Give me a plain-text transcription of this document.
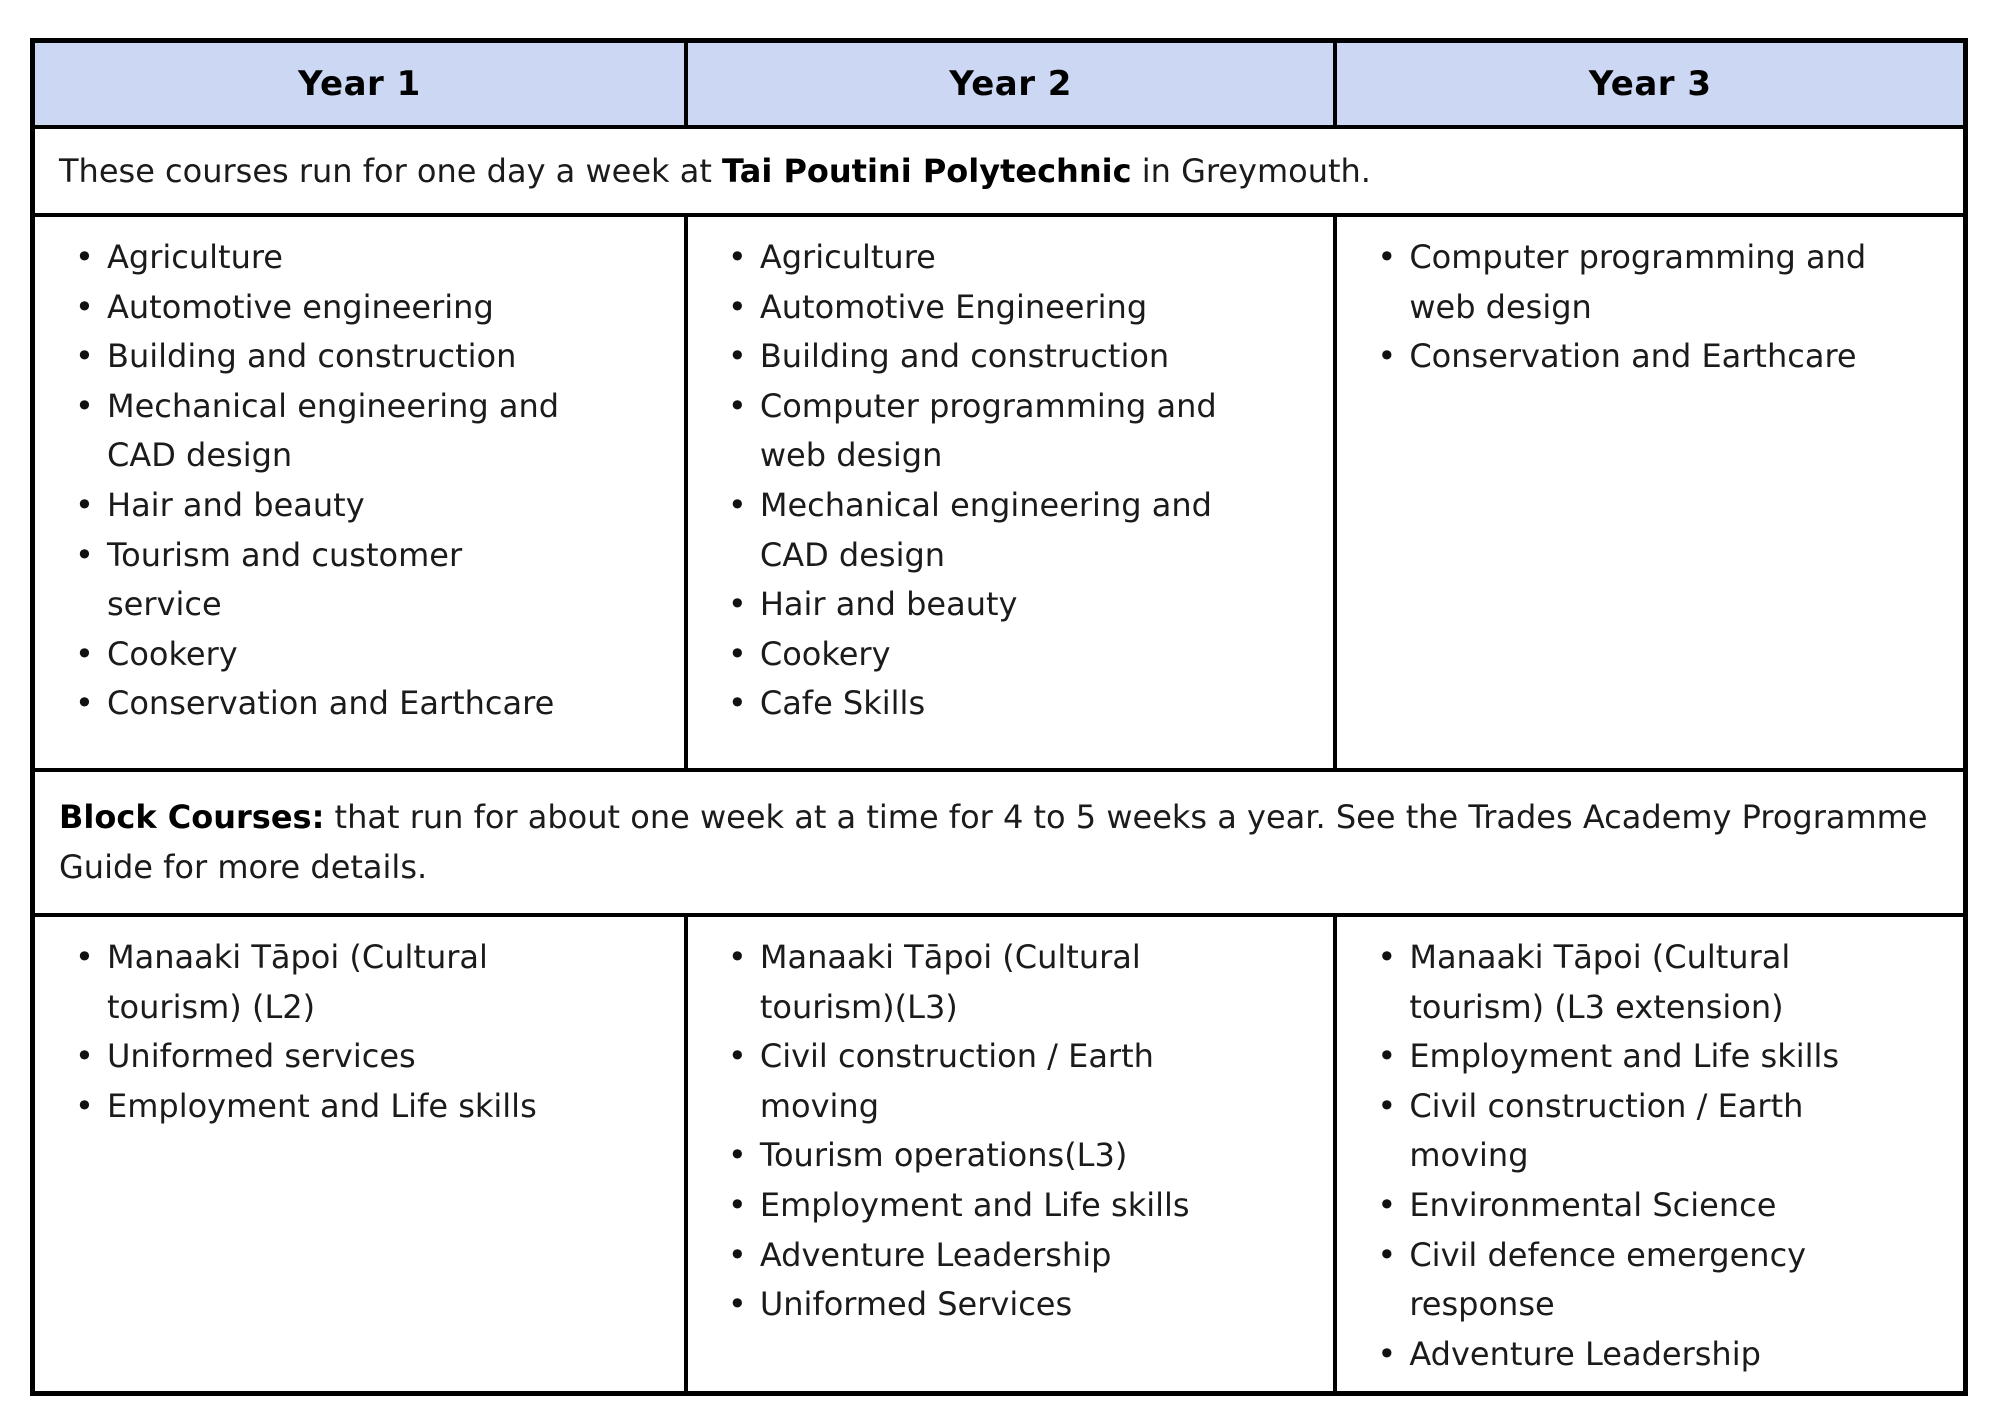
Year 1	Year 2	Year 3
These courses run for one day a week at Tai Poutini Polytechnic in Greymouth.		

• Agriculture
• Automotive engineering
• Building and construction
• Mechanical engineering and CAD design
• Hair and beauty
• Tourism and customer service
• Cookery
• Conservation and Earthcare

• Agriculture
• Automotive Engineering
• Building and construction
• Computer programming and web design
• Mechanical engineering and CAD design
• Hair and beauty
• Cookery
• Cafe Skills

• Computer programming and web design
• Conservation and Earthcare

Block Courses: that run for about one week at a time for 4 to 5 weeks a year. See the Trades Academy Programme Guide for more details.		

• Manaaki Tāpoi (Cultural tourism) (L2)
• Uniformed services
• Employment and Life skills

• Manaaki Tāpoi (Cultural tourism)(L3)
• Civil construction / Earth moving
• Tourism operations(L3)
• Employment and Life skills
• Adventure Leadership
• Uniformed Services

• Manaaki Tāpoi (Cultural tourism) (L3 extension)
• Employment and Life skills
• Civil construction / Earth moving
• Environmental Science
• Civil defence emergency response
• Adventure Leadership
